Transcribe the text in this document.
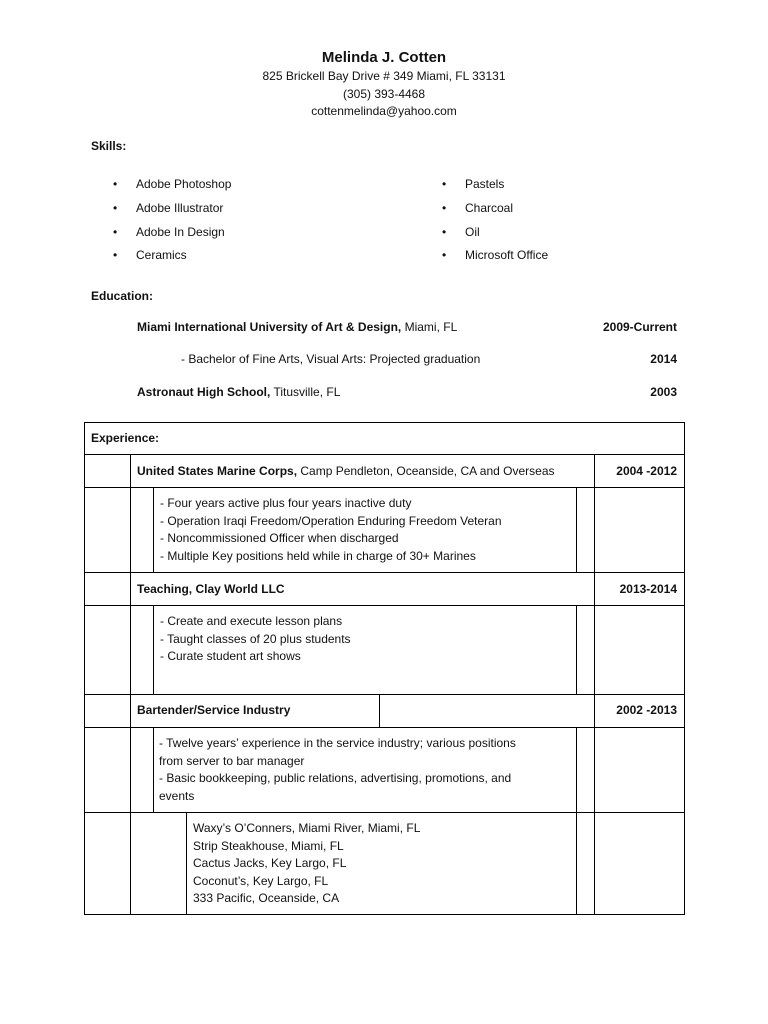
Melinda J. Cotten
825 Brickell Bay Drive # 349 Miami, FL 33131
(305) 393-4468
cottenmelinda@yahoo.com
Skills:
• Adobe Photoshop
• Adobe Illustrator
• Adobe In Design
• Ceramics
• Pastels
• Charcoal
• Oil
• Microsoft Office
Education:
Miami International University of Art & Design, Miami, FL	2009-Current
- Bachelor of Fine Arts, Visual Arts: Projected graduation	2014
Astronaut High School, Titusville, FL	2003
Experience:
United States Marine Corps, Camp Pendleton, Oceanside, CA and Overseas	2004 -2012
- Four years active plus four years inactive duty
- Operation Iraqi Freedom/Operation Enduring Freedom Veteran
- Noncommissioned Officer when discharged
- Multiple Key positions held while in charge of 30+ Marines
Teaching, Clay World LLC	2013-2014
- Create and execute lesson plans
- Taught classes of 20 plus students
- Curate student art shows
Bartender/Service Industry	2002 -2013
- Twelve years’ experience in the service industry; various positions
from server to bar manager
- Basic bookkeeping, public relations, advertising, promotions, and
events
Waxy’s O’Conners, Miami River, Miami, FL
Strip Steakhouse, Miami, FL
Cactus Jacks, Key Largo, FL
Coconut’s, Key Largo, FL
333 Pacific, Oceanside, CA
